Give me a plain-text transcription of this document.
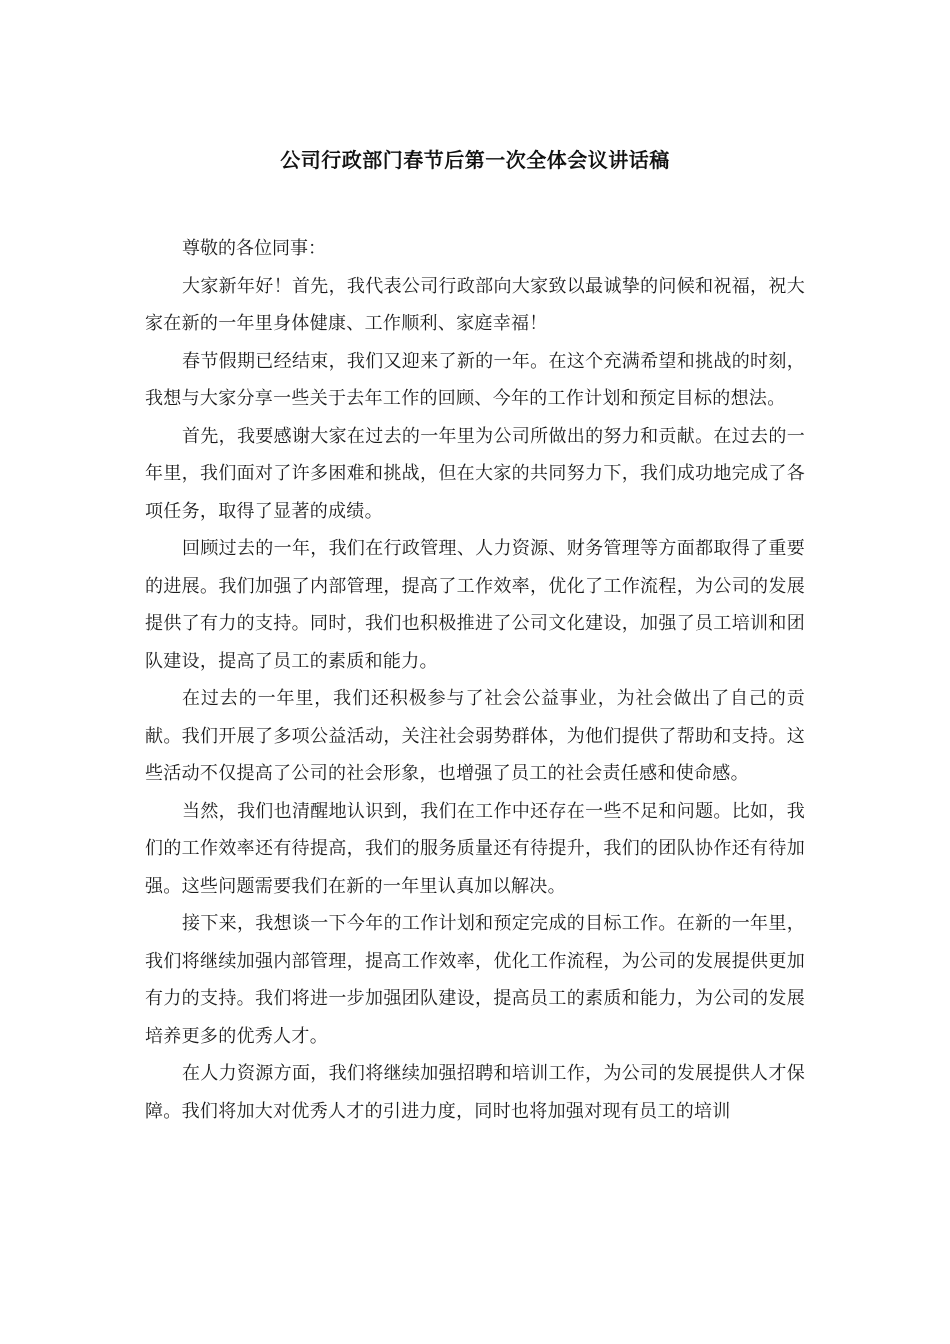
公司行政部门春节后第一次全体会议讲话稿

尊敬的各位同事：

大家新年好！首先，我代表公司行政部向大家致以最诚挚的问候和祝福，祝大家在新的一年里身体健康、工作顺利、家庭幸福！

春节假期已经结束，我们又迎来了新的一年。在这个充满希望和挑战的时刻，我想与大家分享一些关于去年工作的回顾、今年的工作计划和预定目标的想法。

首先，我要感谢大家在过去的一年里为公司所做出的努力和贡献。在过去的一年里，我们面对了许多困难和挑战，但在大家的共同努力下，我们成功地完成了各项任务，取得了显著的成绩。

回顾过去的一年，我们在行政管理、人力资源、财务管理等方面都取得了重要的进展。我们加强了内部管理，提高了工作效率，优化了工作流程，为公司的发展提供了有力的支持。同时，我们也积极推进了公司文化建设，加强了员工培训和团队建设，提高了员工的素质和能力。

在过去的一年里，我们还积极参与了社会公益事业，为社会做出了自己的贡献。我们开展了多项公益活动，关注社会弱势群体，为他们提供了帮助和支持。这些活动不仅提高了公司的社会形象，也增强了员工的社会责任感和使命感。

当然，我们也清醒地认识到，我们在工作中还存在一些不足和问题。比如，我们的工作效率还有待提高，我们的服务质量还有待提升，我们的团队协作还有待加强。这些问题需要我们在新的一年里认真加以解决。

接下来，我想谈一下今年的工作计划和预定完成的目标工作。在新的一年里，我们将继续加强内部管理，提高工作效率，优化工作流程，为公司的发展提供更加有力的支持。我们将进一步加强团队建设，提高员工的素质和能力，为公司的发展培养更多的优秀人才。

在人力资源方面，我们将继续加强招聘和培训工作，为公司的发展提供人才保障。我们将加大对优秀人才的引进力度，同时也将加强对现有员工的培训
